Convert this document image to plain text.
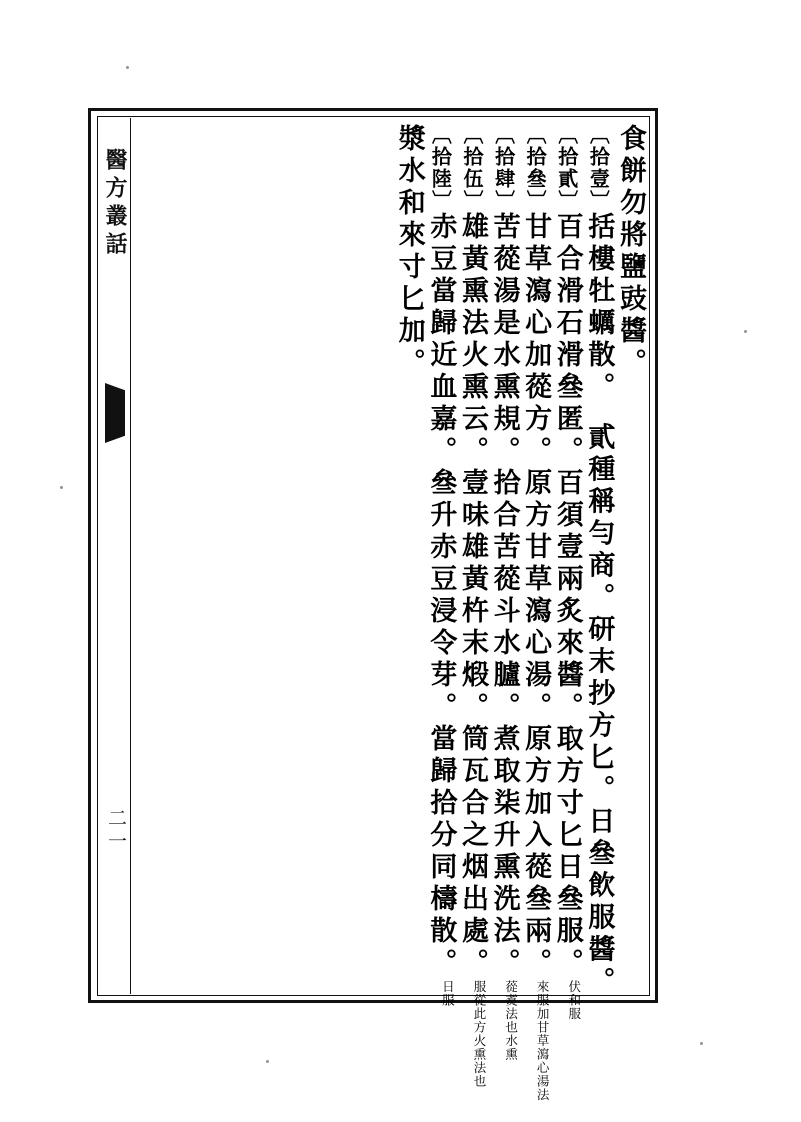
醫方叢話
二一
食餅勿將鹽豉醬。
〔拾壹〕括樓牡蠣散。　貳種稱勻商。研末抄方匕。日叄飲服醬。
〔拾貳〕百合滑石滑叄匿。百須壹兩炙來醬。取方寸匕日叄服。伏和服
〔拾叄〕甘草瀉心加蓯方。原方甘草瀉心湯。原方加入蓯叄兩。來服加甘草瀉心湯法
〔拾肆〕苦蓯湯是水熏規。拾合苦蓯斗水臚。煮取柒升熏洗法。蓯煑法也水熏
〔拾伍〕雄黃熏法火熏云。壹味雄黃杵末煅。筒瓦合之烟出處。服從此方火熏法也
〔拾陸〕赤豆當歸近血嘉。叄升赤豆浸令芽。當歸拾分同檮散。日服
漿水和來寸匕加。
